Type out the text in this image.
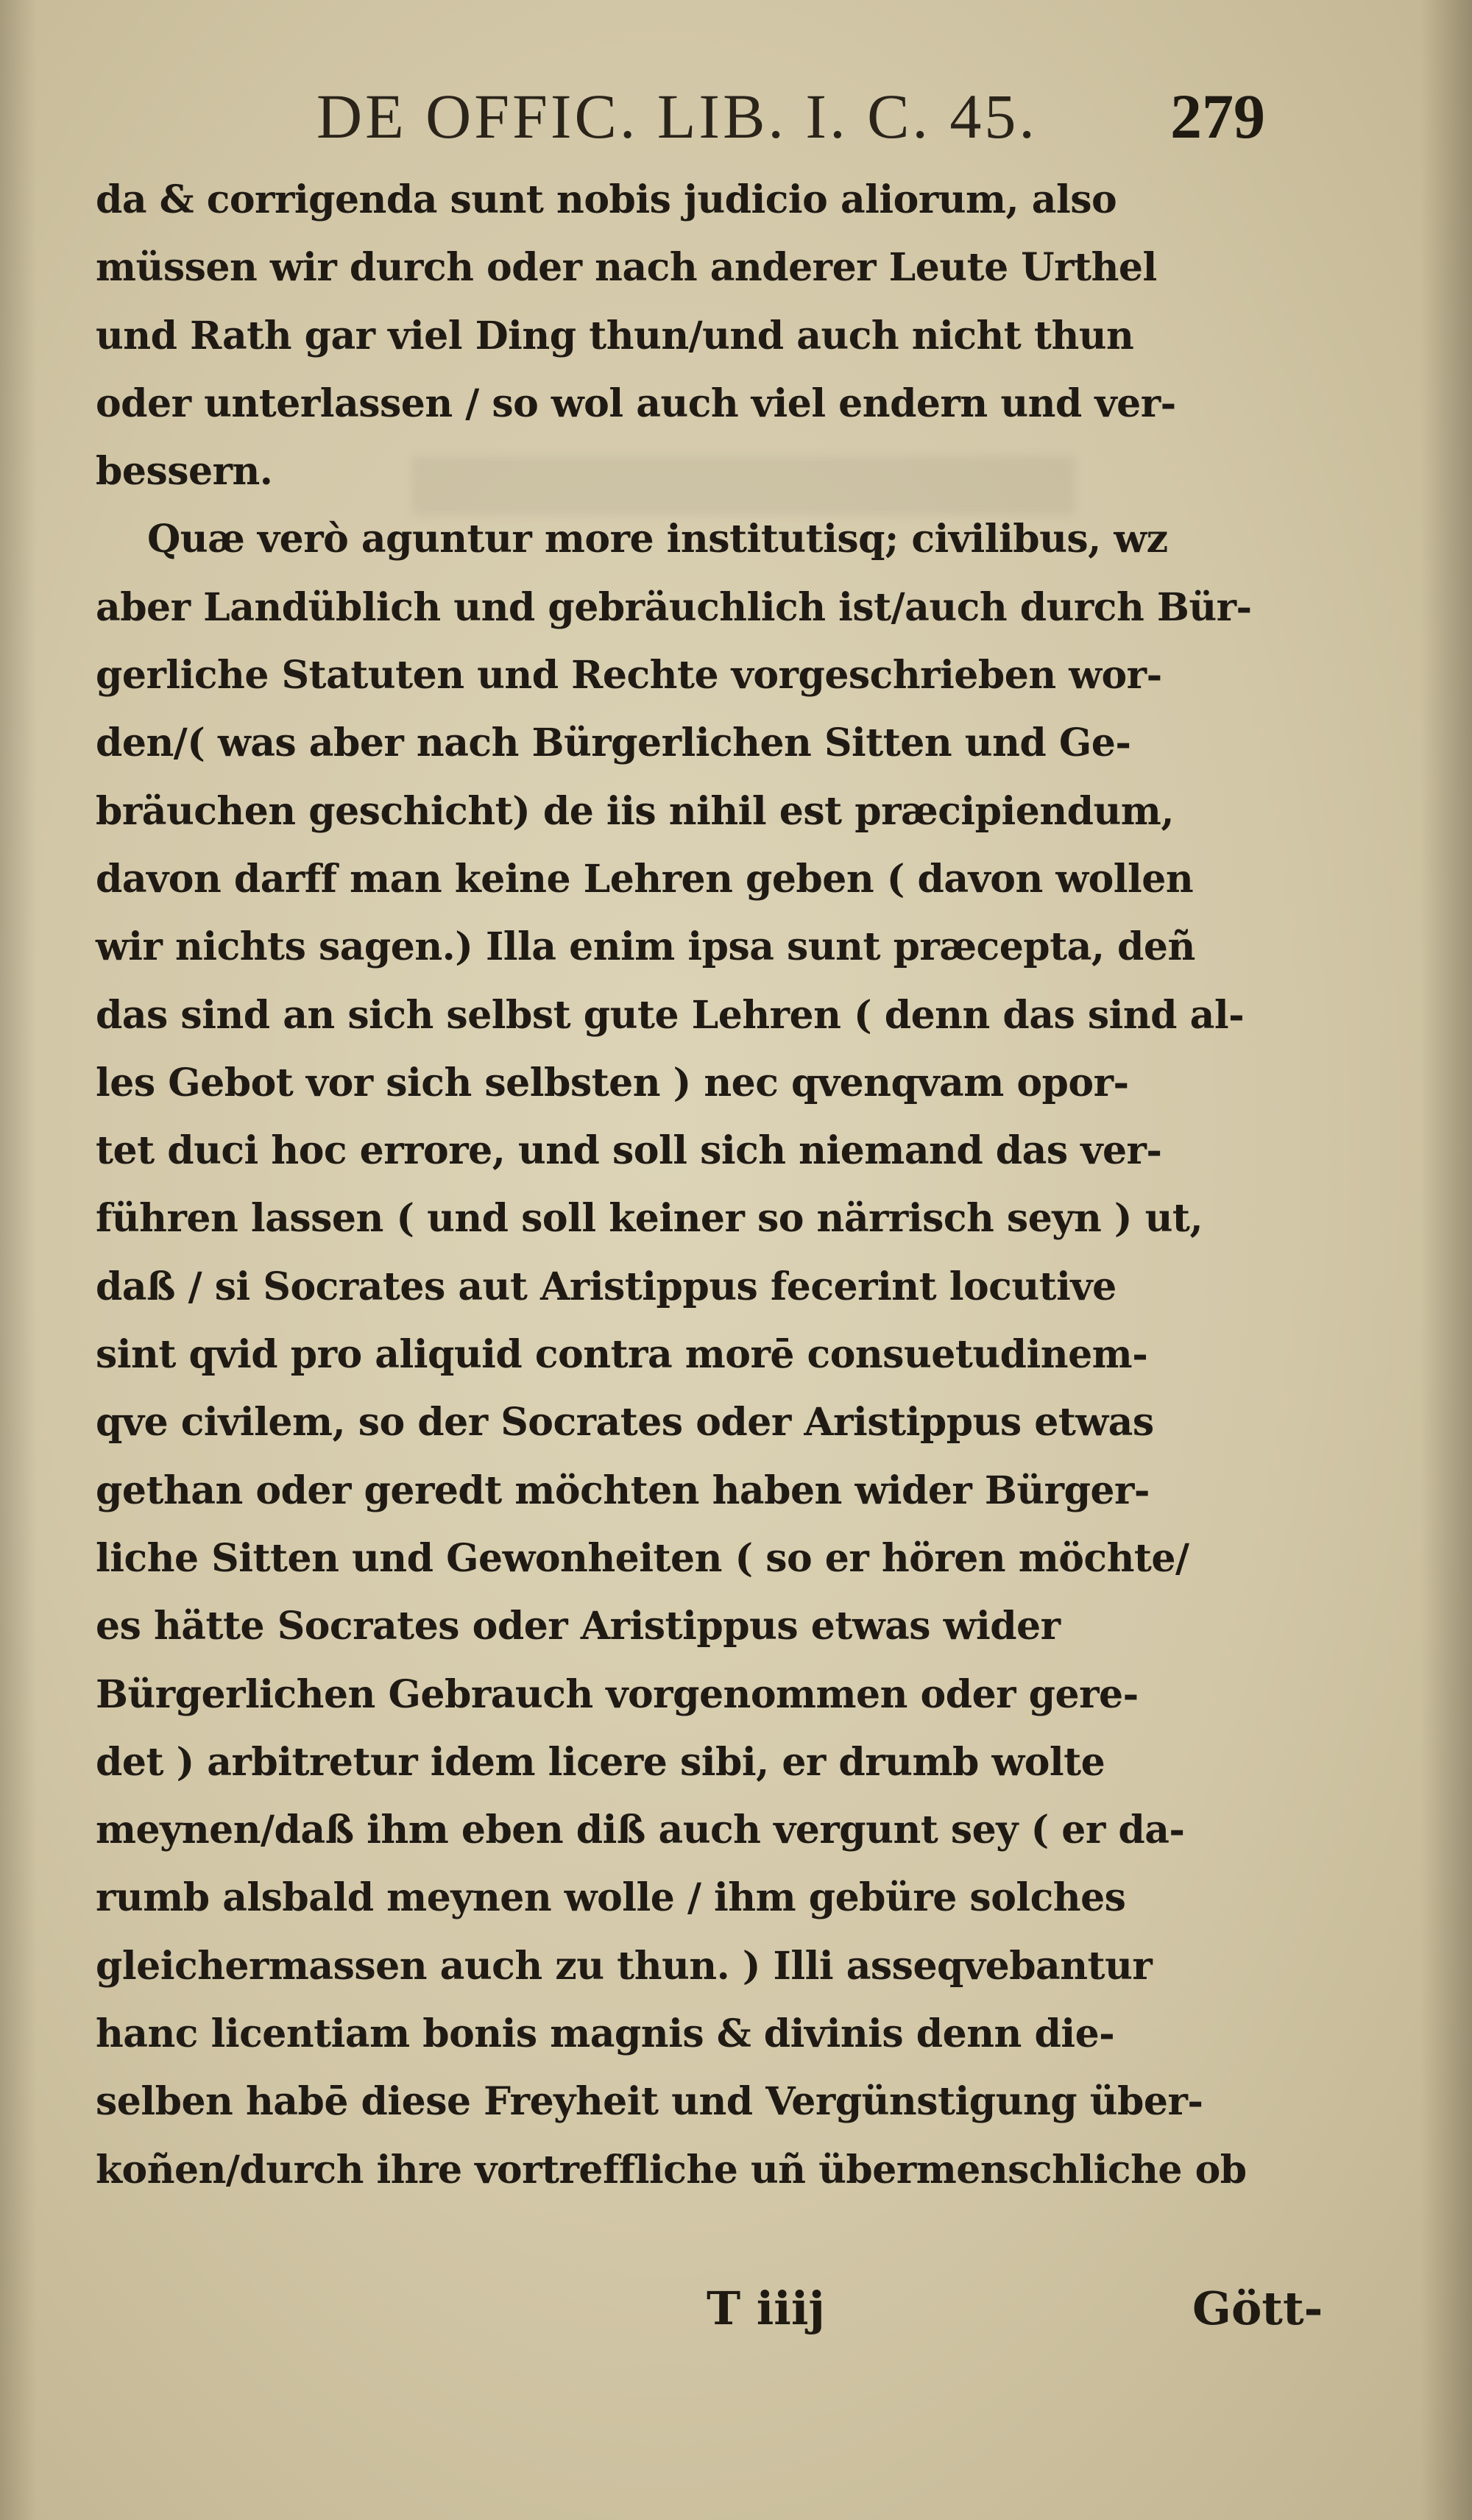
DE OFFIC. LIB. I. C. 45. 279
da & corrigenda sunt nobis judicio aliorum, also
müssen wir durch oder nach anderer Leute Urthel
und Rath gar viel Ding thun/und auch nicht thun
oder unterlassen / so wol auch viel endern und ver-
bessern.
Quæ verò aguntur more institutisq; civilibus, wz
aber Landüblich und gebräuchlich ist/auch durch Bür-
gerliche Statuten und Rechte vorgeschrieben wor-
den/( was aber nach Bürgerlichen Sitten und Ge-
bräuchen geschicht) de iis nihil est præcipiendum,
davon darff man keine Lehren geben ( davon wollen
wir nichts sagen.) Illa enim ipsa sunt præcepta, deñ
das sind an sich selbst gute Lehren ( denn das sind al-
les Gebot vor sich selbsten ) nec qvenqvam opor-
tet duci hoc errore, und soll sich niemand das ver-
führen lassen ( und soll keiner so närrisch seyn ) ut,
daß / si Socrates aut Aristippus fecerint locutive
sint qvid pro aliquid contra morē consuetudinem-
qve civilem, so der Socrates oder Aristippus etwas
gethan oder geredt möchten haben wider Bürger-
liche Sitten und Gewonheiten ( so er hören möchte/
es hätte Socrates oder Aristippus etwas wider
Bürgerlichen Gebrauch vorgenommen oder gere-
det ) arbitretur idem licere sibi, er drumb wolte
meynen/daß ihm eben diß auch vergunt sey ( er da-
rumb alsbald meynen wolle / ihm gebüre solches
gleichermassen auch zu thun. ) Illi asseqvebantur
hanc licentiam bonis magnis & divinis denn die-
selben habē diese Freyheit und Vergünstigung über-
koñen/durch ihre vortreffliche uñ übermenschliche ob
T iiij	Gött-
